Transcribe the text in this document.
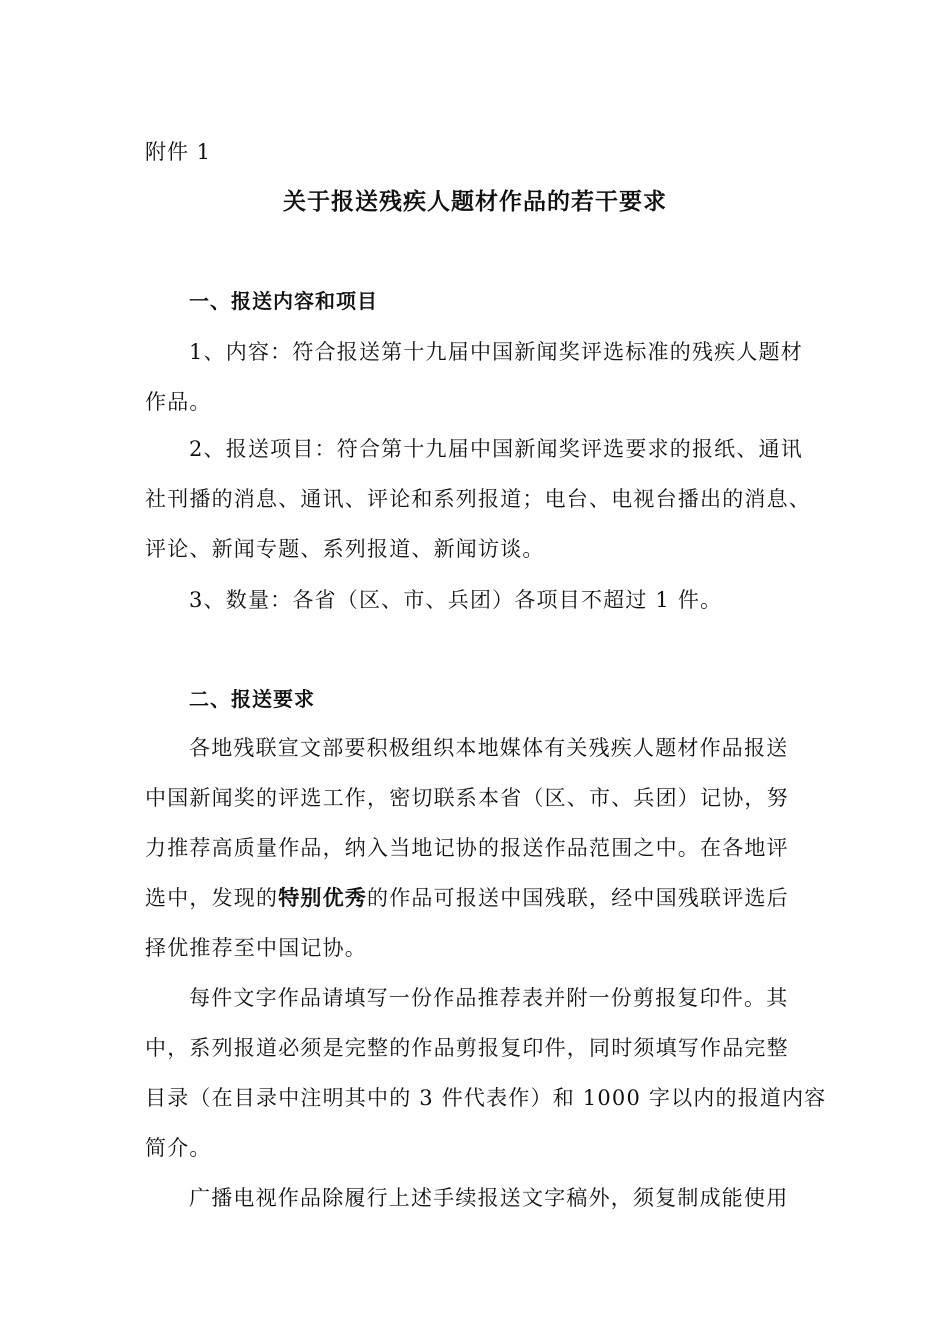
附件 1
关于报送残疾人题材作品的若干要求
一、报送内容和项目
1、内容：符合报送第十九届中国新闻奖评选标准的残疾人题材
作品。
2、报送项目：符合第十九届中国新闻奖评选要求的报纸、通讯
社刊播的消息、通讯、评论和系列报道；电台、电视台播出的消息、
评论、新闻专题、系列报道、新闻访谈。
3、数量：各省（区、市、兵团）各项目不超过 1 件。
二、报送要求
各地残联宣文部要积极组织本地媒体有关残疾人题材作品报送
中国新闻奖的评选工作，密切联系本省（区、市、兵团）记协，努
力推荐高质量作品，纳入当地记协的报送作品范围之中。在各地评
选中，发现的特别优秀的作品可报送中国残联，经中国残联评选后
择优推荐至中国记协。
每件文字作品请填写一份作品推荐表并附一份剪报复印件。其
中，系列报道必须是完整的作品剪报复印件，同时须填写作品完整
目录（在目录中注明其中的 3 件代表作）和 1000 字以内的报道内容
简介。
广播电视作品除履行上述手续报送文字稿外，须复制成能使用
